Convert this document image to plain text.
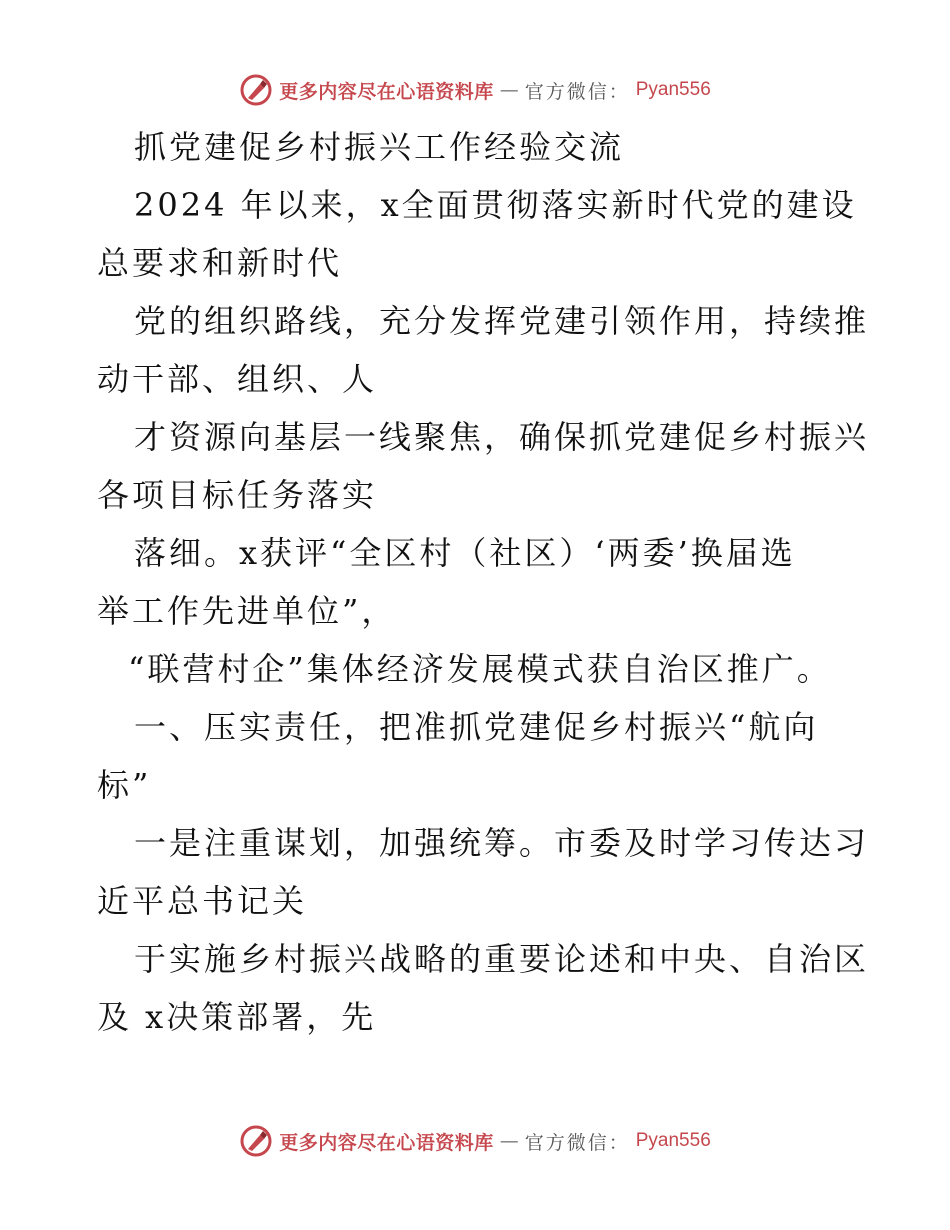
更多内容尽在心语资料库 — 官方微信： Pyan556
抓党建促乡村振兴工作经验交流
2024 年以来，x全面贯彻落实新时代党的建设
总要求和新时代
党的组织路线，充分发挥党建引领作用，持续推
动干部、组织、人
才资源向基层一线聚焦，确保抓党建促乡村振兴
各项目标任务落实
落细。x获评“全区村（社区）‘两委’换届选
举工作先进单位”，
“联营村企”集体经济发展模式获自治区推广。
一、压实责任，把准抓党建促乡村振兴“航向
标”
一是注重谋划，加强统筹。市委及时学习传达习
近平总书记关
于实施乡村振兴战略的重要论述和中央、自治区
及 x决策部署，先
更多内容尽在心语资料库 — 官方微信： Pyan556
